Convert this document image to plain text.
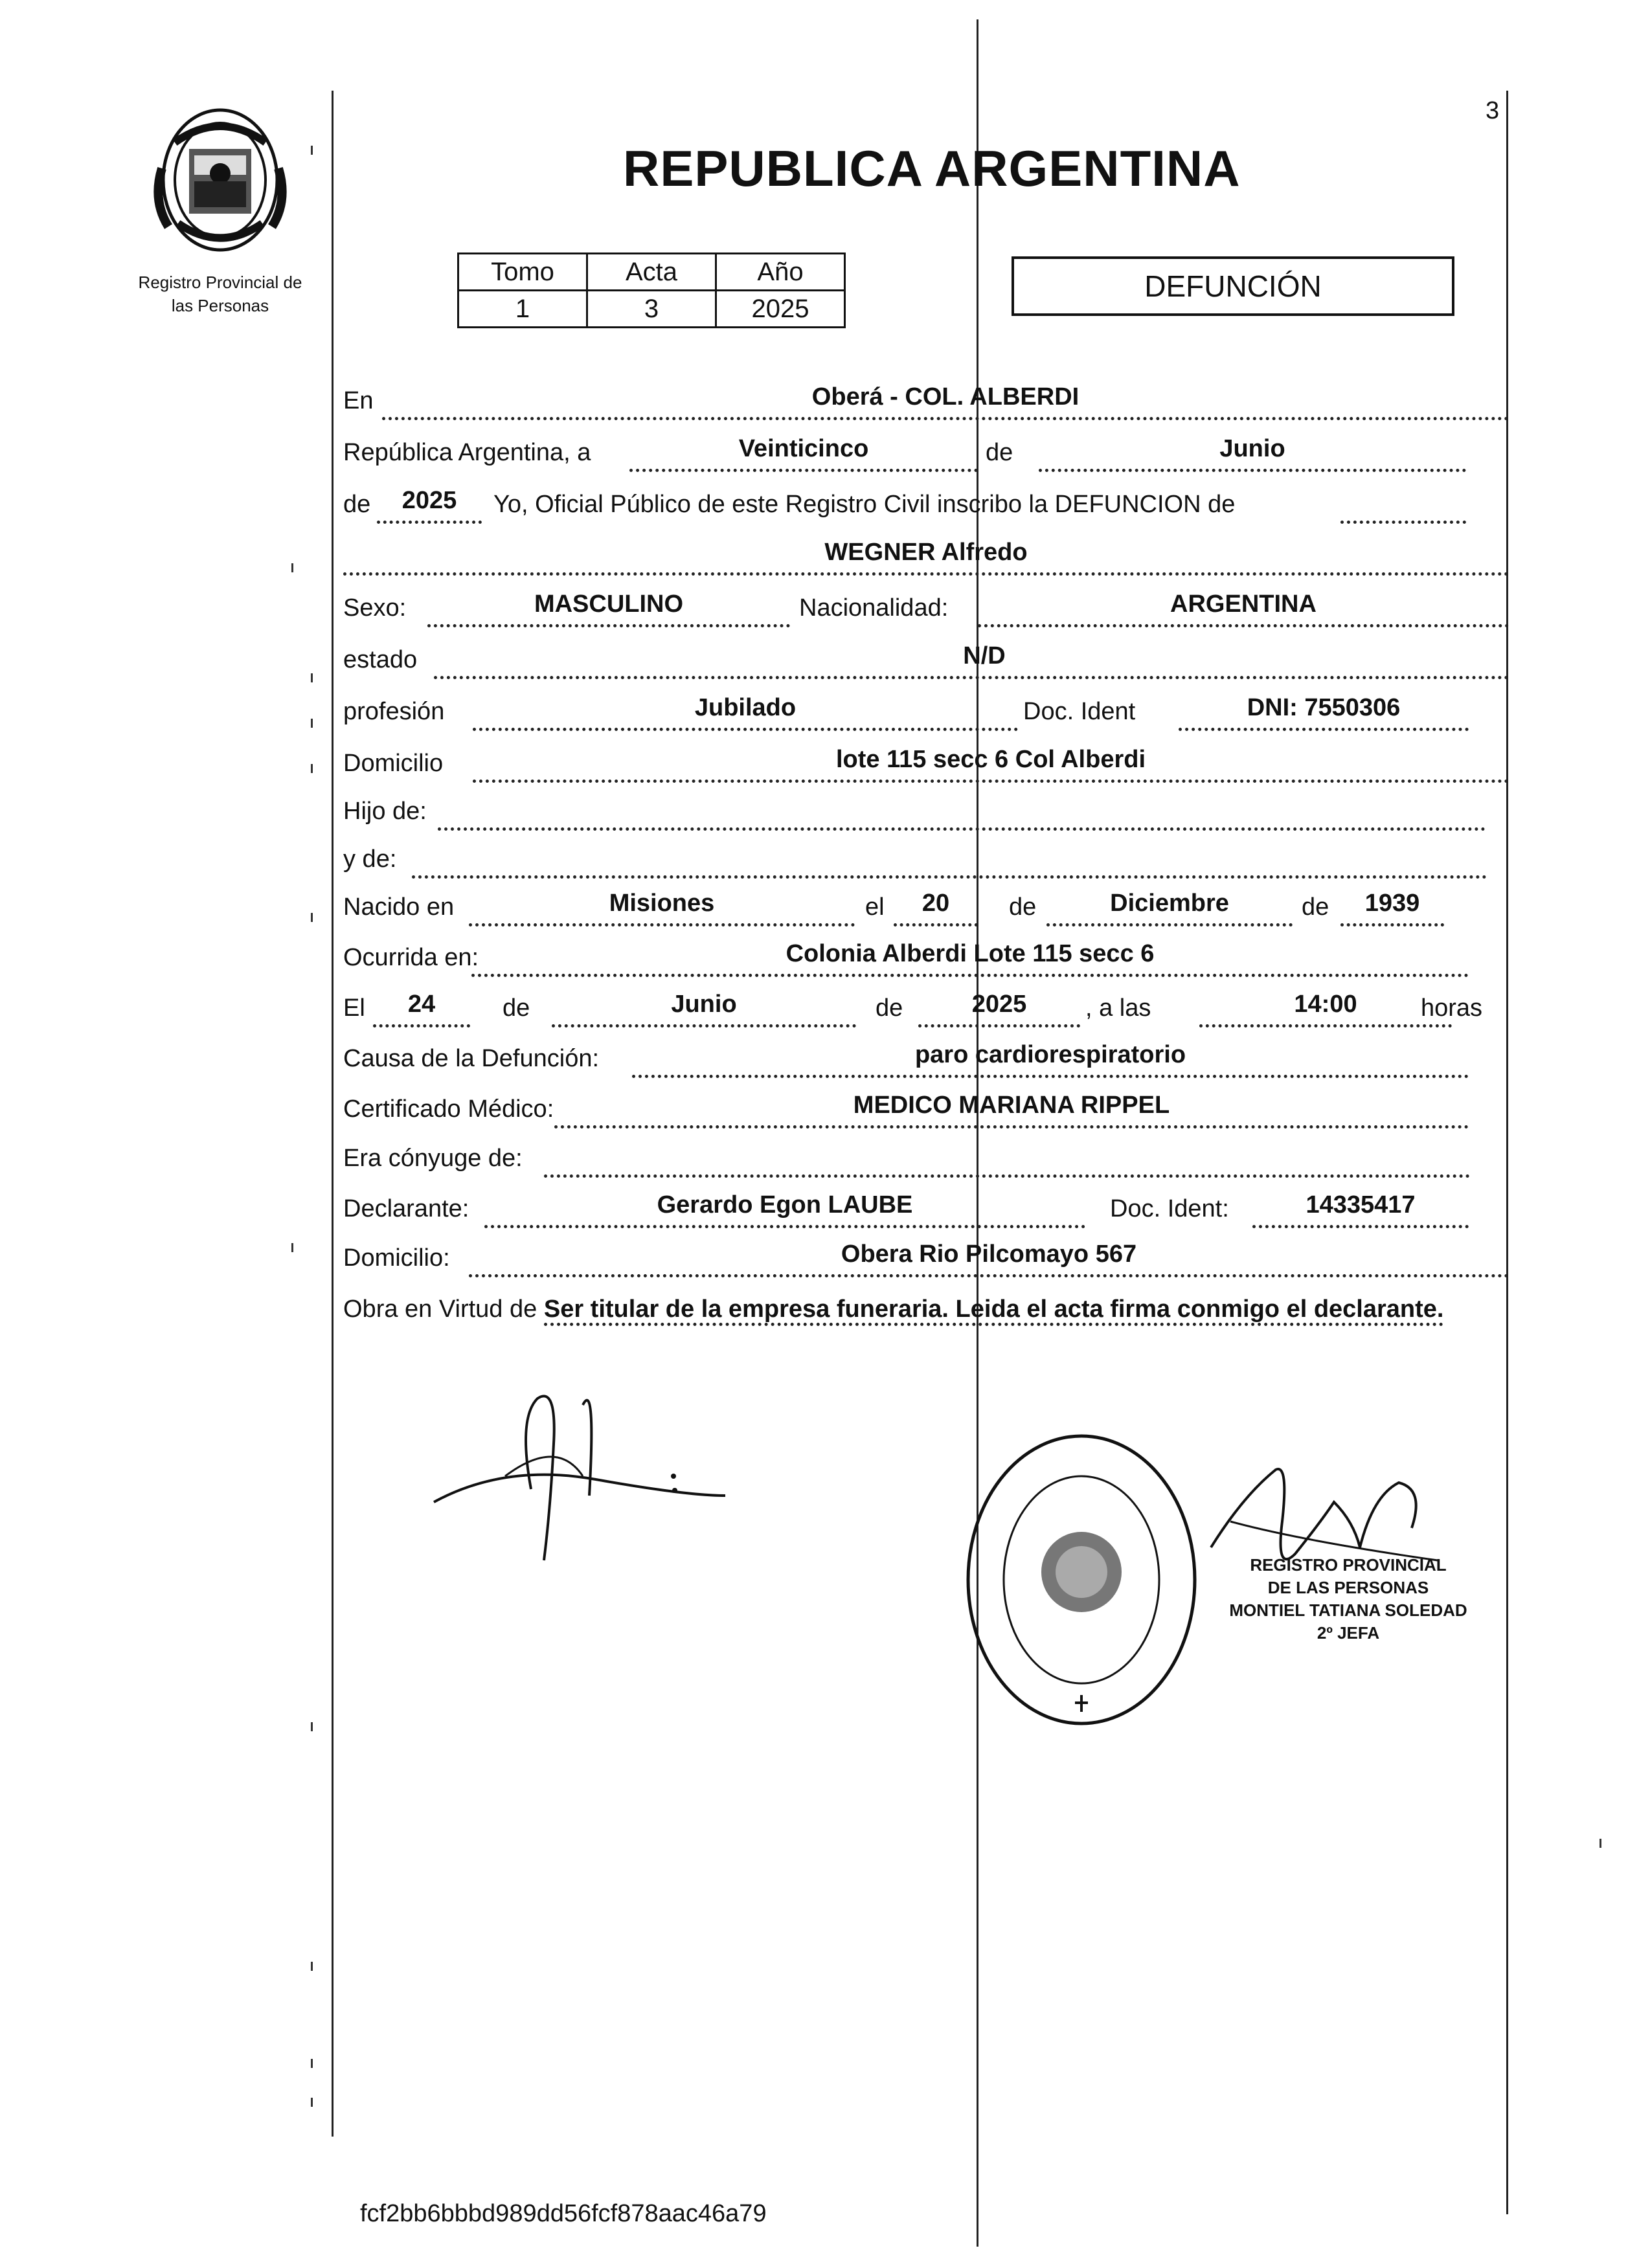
3
Registro Provincial de
las Personas
REPUBLICA ARGENTINA
Tomo	Acta	Año
1	3	2025
DEFUNCIÓN
En	Oberá - COL. ALBERDI
República Argentina, a	Veinticinco	de	Junio
de	2025	Yo, Oficial Público de este Registro Civil inscribo la DEFUNCION de
WEGNER Alfredo
Sexo:	MASCULINO	Nacionalidad:	ARGENTINA
estado	N/D
profesión	Jubilado	Doc. Ident	DNI: 7550306
Domicilio	lote 115 secc 6 Col Alberdi
Hijo de:
y de:
Nacido en	Misiones	el	20	de	Diciembre	de	1939
Ocurrida en:	Colonia Alberdi Lote 115 secc 6
El	24	de	Junio	de	2025	, a las	14:00	horas
Causa de la Defunción:	paro cardiorespiratorio
Certificado Médico:	MEDICO MARIANA RIPPEL
Era cónyuge de:
Declarante:	Gerardo Egon LAUBE	Doc. Ident:	14335417
Domicilio:	Obera Rio Pilcomayo 567
Obra en Virtud de Ser titular de la empresa funeraria. Leida el acta firma conmigo el declarante.
REGISTRO PROVINCIAL
DE LAS PERSONAS
MONTIEL TATIANA SOLEDAD
2º JEFA
fcf2bb6bbbd989dd56fcf878aac46a79
